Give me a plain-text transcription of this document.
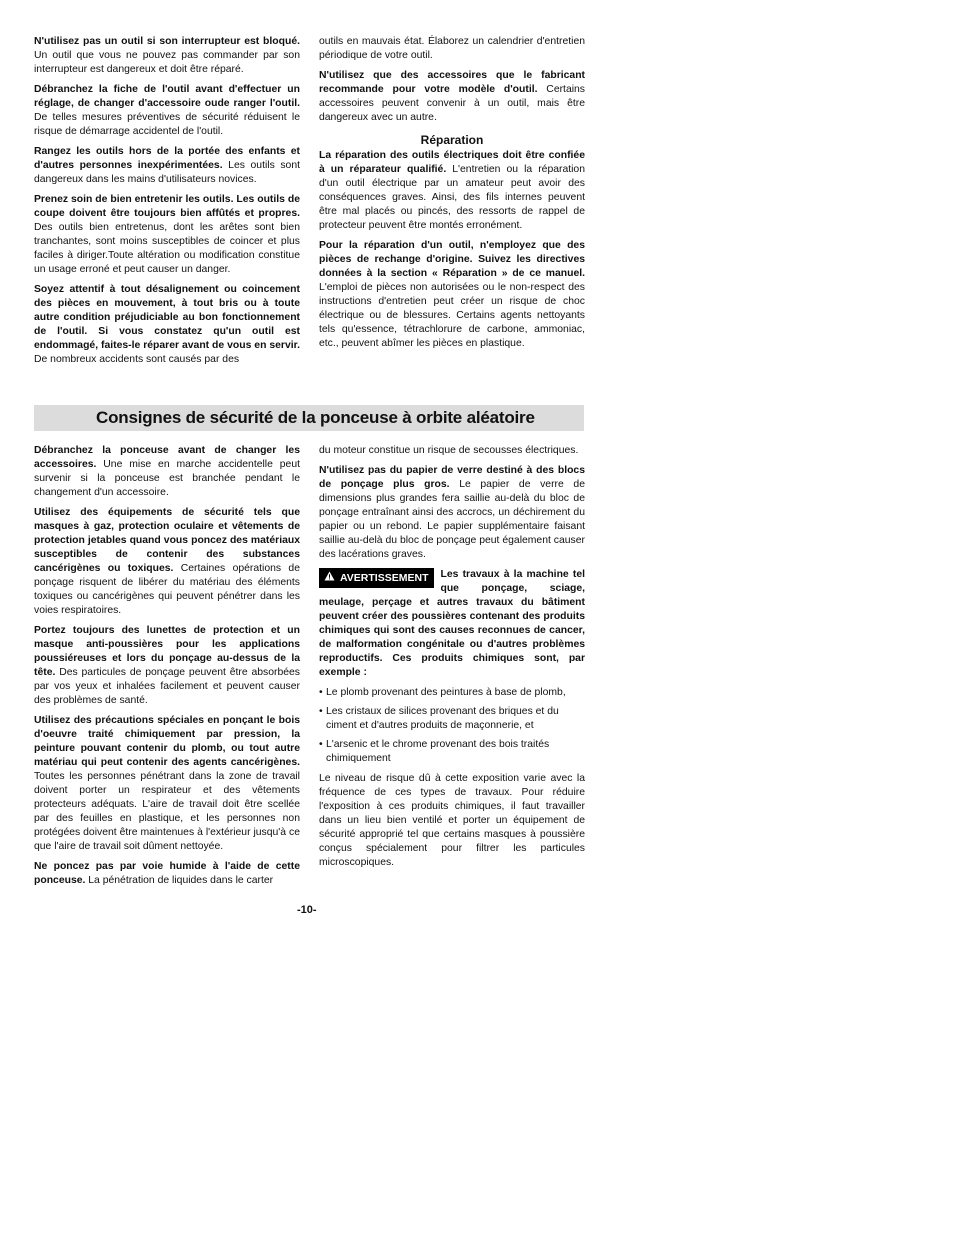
N'utilisez pas un outil si son interrupteur est bloqué. Un outil que vous ne pouvez pas commander par son interrupteur est dangereux et doit être réparé.

Débranchez la fiche de l'outil avant d'effectuer un réglage, de changer d'accessoire oude ranger l'outil. De telles mesures préventives de sécurité réduisent le risque de démarrage accidentel de l'outil.

Rangez les outils hors de la portée des enfants et d'autres personnes inexpérimentées. Les outils sont dangereux dans les mains d'utilisateurs novices.

Prenez soin de bien entretenir les outils. Les outils de coupe doivent être toujours bien affûtés et propres. Des outils bien entretenus, dont les arêtes sont bien tranchantes, sont moins susceptibles de coincer et plus faciles à diriger.Toute altération ou modification constitue un usage erroné et peut causer un danger.

Soyez attentif à tout désalignement ou coincement des pièces en mouvement, à tout bris ou à toute autre condition préjudiciable au bon fonctionnement de l'outil. Si vous constatez qu'un outil est endommagé, faites-le réparer avant de vous en servir. De nombreux accidents sont causés par des

outils en mauvais état. Élaborez un calendrier d'entretien périodique de votre outil.

N'utilisez que des accessoires que le fabricant recommande pour votre modèle d'outil. Certains accessoires peuvent convenir à un outil, mais être dangereux avec un autre.

Réparation

La réparation des outils électriques doit être confiée à un réparateur qualifié. L'entretien ou la réparation d'un outil électrique par un amateur peut avoir des conséquences graves. Ainsi, des fils internes peuvent être mal placés ou pincés, des ressorts de rappel de protecteur peuvent être montés erronément.

Pour la réparation d'un outil, n'employez que des pièces de rechange d'origine. Suivez les directives données à la section « Réparation » de ce manuel. L'emploi de pièces non autorisées ou le non-respect des instructions d'entretien peut créer un risque de choc électrique ou de blessures. Certains agents nettoyants tels qu'essence, tétrachlorure de carbone, ammoniac, etc., peuvent abîmer les pièces en plastique.

Consignes de sécurité de la ponceuse à orbite aléatoire

Débranchez la ponceuse avant de changer les accessoires. Une mise en marche accidentelle peut survenir si la ponceuse est branchée pendant le changement d'un accessoire.

Utilisez des équipements de sécurité tels que masques à gaz, protection oculaire et vêtements de protection jetables quand vous poncez des matériaux susceptibles de contenir des substances cancérigènes ou toxiques. Certaines opérations de ponçage risquent de libérer du matériau des éléments toxiques ou cancérigènes qui peuvent pénétrer dans les voies respiratoires.

Portez toujours des lunettes de protection et un masque anti-poussières pour les applications poussiéreuses et lors du ponçage au-dessus de la tête. Des particules de ponçage peuvent être absorbées par vos yeux et inhalées facilement et peuvent causer des problèmes de santé.

Utilisez des précautions spéciales en ponçant le bois d'oeuvre traité chimiquement par pression, la peinture pouvant contenir du plomb, ou tout autre matériau qui peut contenir des agents cancérigènes. Toutes les personnes pénétrant dans la zone de travail doivent porter un respirateur et des vêtements protecteurs adéquats. L'aire de travail doit être scellée par des feuilles en plastique, et les personnes non protégées doivent être maintenues à l'extérieur jusqu'à ce que l'aire de travail soit dûment nettoyée.

Ne poncez pas par voie humide à l'aide de cette ponceuse. La pénétration de liquides dans le carter

du moteur constitue un risque de secousses électriques.

N'utilisez pas du papier de verre destiné à des blocs de ponçage plus gros. Le papier de verre de dimensions plus grandes fera saillie au-delà du bloc de ponçage entraînant ainsi des accrocs, un déchirement du papier ou un rebond. Le papier supplémentaire faisant saillie au-delà du bloc de ponçage peut également causer des lacérations graves.

AVERTISSEMENT	Les travaux à la machine tel que ponçage, sciage, meulage, perçage et autres travaux du bâtiment peuvent créer des poussières contenant des produits chimiques qui sont des causes reconnues de cancer, de malformation congénitale ou d'autres problèmes reproductifs. Ces produits chimiques sont, par exemple :

• Le plomb provenant des peintures à base de plomb,
• Les cristaux de silices provenant des briques et du ciment et d'autres produits de maçonnerie, et
• L'arsenic et le chrome provenant des bois traités chimiquement

Le niveau de risque dû à cette exposition varie avec la fréquence de ces types de travaux. Pour réduire l'exposition à ces produits chimiques, il faut travailler dans un lieu bien ventilé et porter un équipement de sécurité approprié tel que certains masques à poussière conçus spécialement pour filtrer les particules microscopiques.

-10-
